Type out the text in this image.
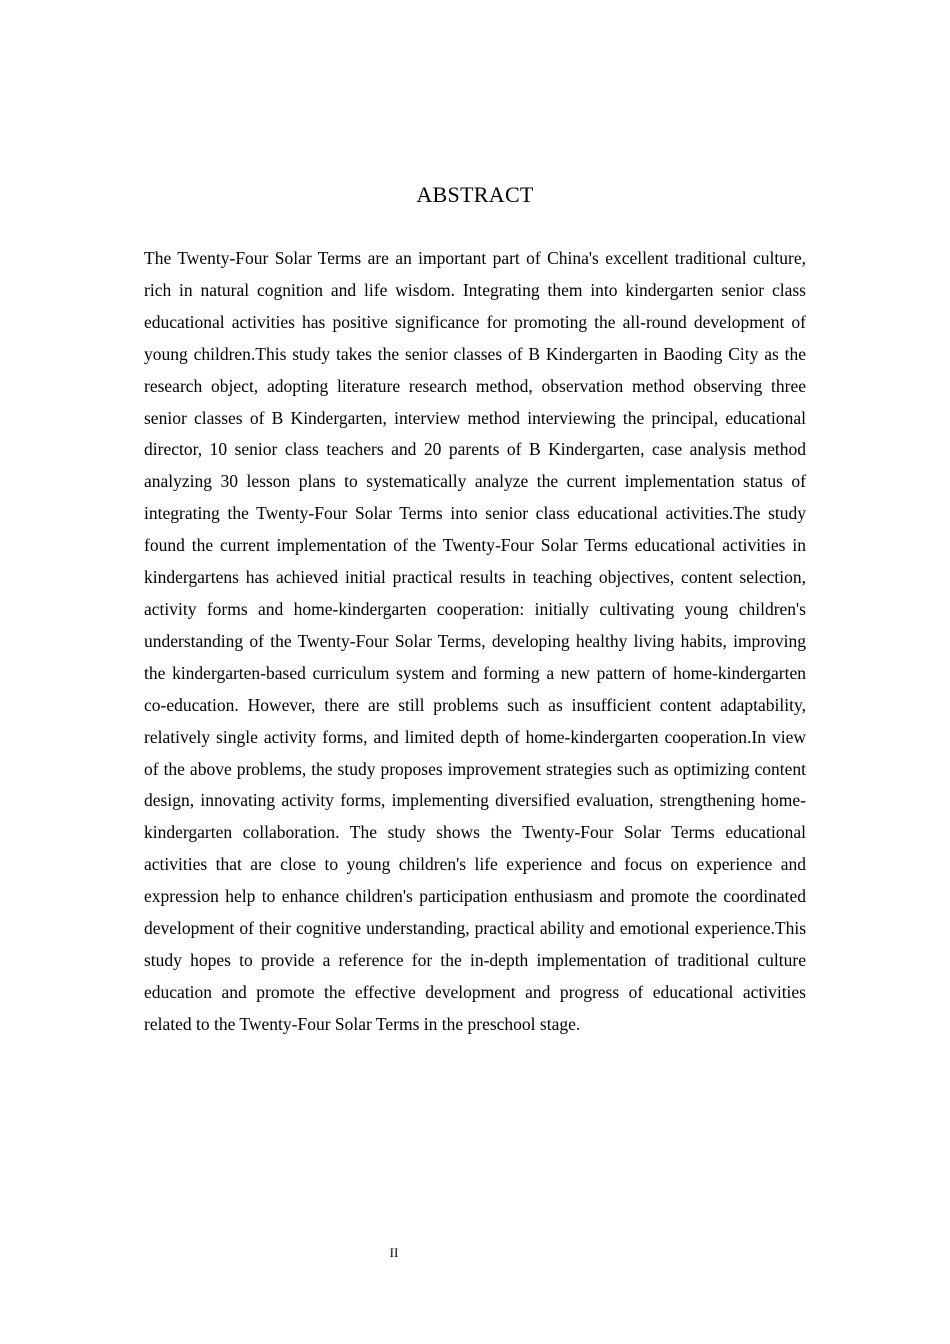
ABSTRACT

The Twenty-Four Solar Terms are an important part of China's excellent traditional culture, rich in natural cognition and life wisdom. Integrating them into kindergarten senior class educational activities has positive significance for promoting the all-round development of young children.This study takes the senior classes of B Kindergarten in Baoding City as the research object, adopting literature research method, observation method observing three senior classes of B Kindergarten, interview method interviewing the principal, educational director, 10 senior class teachers and 20 parents of B Kindergarten, case analysis method analyzing 30 lesson plans to systematically analyze the current implementation status of integrating the Twenty-Four Solar Terms into senior class educational activities.The study found the current implementation of the Twenty-Four Solar Terms educational activities in kindergartens has achieved initial practical results in teaching objectives, content selection, activity forms and home-kindergarten cooperation: initially cultivating young children's understanding of the Twenty-Four Solar Terms, developing healthy living habits, improving the kindergarten-based curriculum system and forming a new pattern of home-kindergarten co-education. However, there are still problems such as insufficient content adaptability, relatively single activity forms, and limited depth of home-kindergarten cooperation.In view of the above problems, the study proposes improvement strategies such as optimizing content design, innovating activity forms, implementing diversified evaluation, strengthening home-kindergarten collaboration. The study shows the Twenty-Four Solar Terms educational activities that are close to young children's life experience and focus on experience and expression help to enhance children's participation enthusiasm and promote the coordinated development of their cognitive understanding, practical ability and emotional experience.This study hopes to provide a reference for the in-depth implementation of traditional culture education and promote the effective development and progress of educational activities related to the Twenty-Four Solar Terms in the preschool stage.

II
